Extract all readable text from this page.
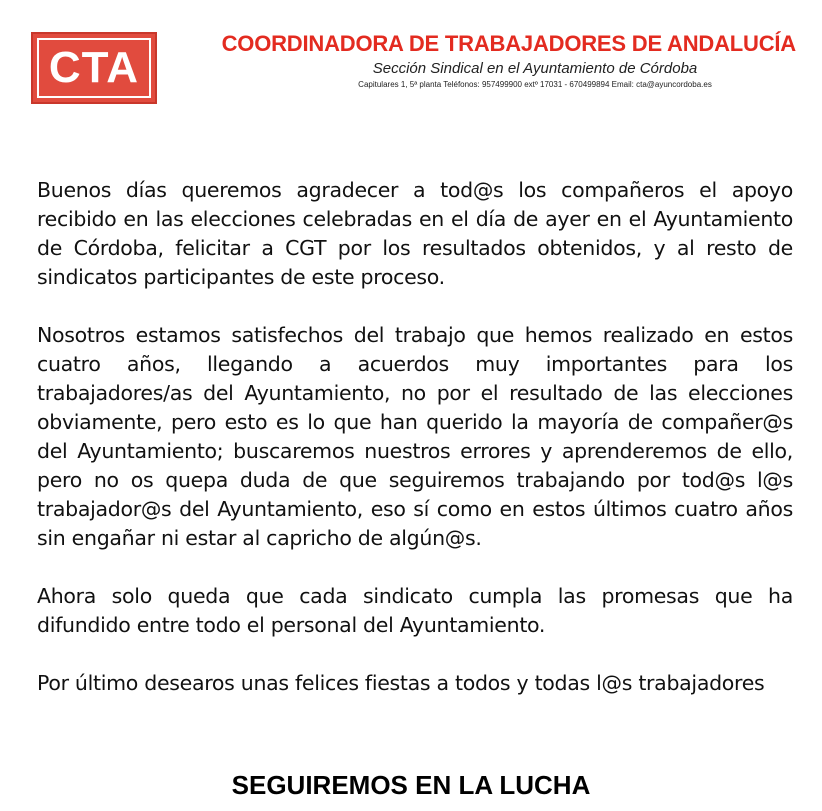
CTA	COORDINADORA DE TRABAJADORES DE ANDALUCÍA
Sección Sindical en el Ayuntamiento de Córdoba
Capitulares 1, 5ª planta Teléfonos: 957499900 extº 17031 - 670499894 Email: cta@ayuncordoba.es

Buenos días queremos agradecer a tod@s los compañeros el apoyo recibido en las elecciones celebradas en el día de ayer en el Ayuntamiento de Córdoba, felicitar a CGT por los resultados obtenidos, y al resto de sindicatos participantes de este proceso.

Nosotros estamos satisfechos del trabajo que hemos realizado en estos cuatro años, llegando a acuerdos muy importantes para los trabajadores/as del Ayuntamiento, no por el resultado de las elecciones obviamente, pero esto es lo que han querido la mayoría de compañer@s del Ayuntamiento; buscaremos nuestros errores y aprenderemos de ello, pero no os quepa duda de que seguiremos trabajando por tod@s l@s trabajador@s del Ayuntamiento, eso sí como en estos últimos cuatro años sin engañar ni estar al capricho de algún@s.

Ahora solo queda que cada sindicato cumpla las promesas que ha difundido entre todo el personal del Ayuntamiento.

Por último desearos unas felices fiestas a todos y todas l@s trabajadores

SEGUIREMOS EN LA LUCHA
